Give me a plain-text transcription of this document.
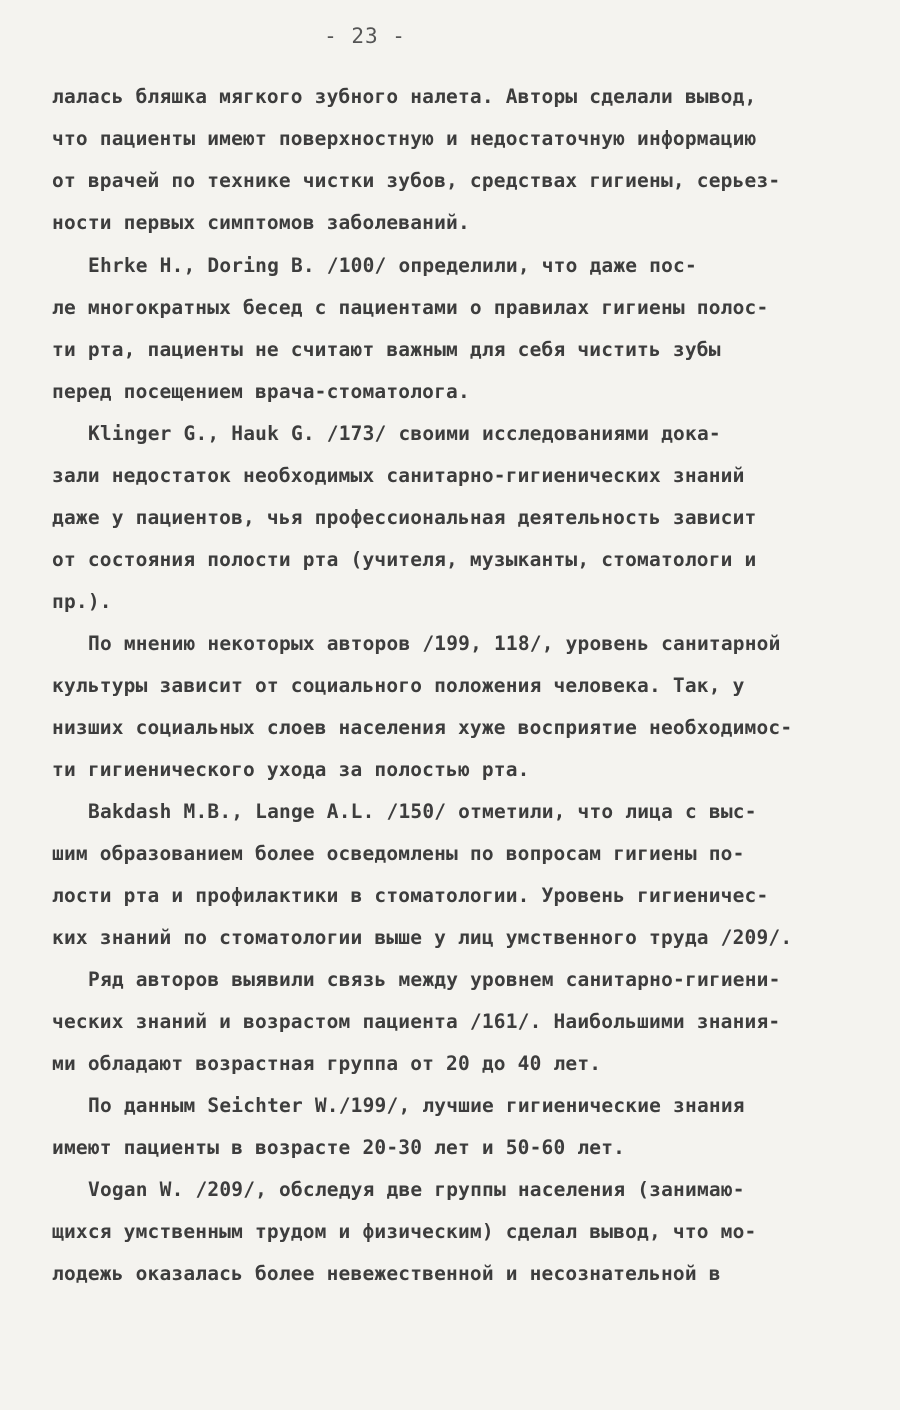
- 23 -
лалась бляшка мягкого зубного налета. Авторы сделали вывод,
что пациенты имеют поверхностную и недостаточную информацию
от врачей по технике чистки зубов, средствах гигиены, серьез-
ности первых симптомов заболеваний.
Ehrke H., Doring B. /100/ определили, что даже пос-
ле многократных бесед с пациентами о правилах гигиены полос-
ти рта, пациенты не считают важным для себя чистить зубы
перед посещением врача-стоматолога.
Klinger G., Hauk G. /173/ своими исследованиями дока-
зали недостаток необходимых санитарно-гигиенических знаний
даже у пациентов, чья профессиональная деятельность зависит
от состояния полости рта (учителя, музыканты, стоматологи и
пр.).
По мнению некоторых авторов /199, 118/, уровень санитарной
культуры зависит от социального положения человека. Так, у
низших социальных слоев населения хуже восприятие необходимос-
ти гигиенического ухода за полостью рта.
Bakdash M.B., Lange A.L. /150/ отметили, что лица с выс-
шим образованием более осведомлены по вопросам гигиены по-
лости рта и профилактики в стоматологии. Уровень гигиеничес-
ких знаний по стоматологии выше у лиц умственного труда /209/.
Ряд авторов выявили связь между уровнем санитарно-гигиени-
ческих знаний и возрастом пациента /161/. Наибольшими знания-
ми обладают возрастная группа от 20 до 40 лет.
По данным Seichter W./199/, лучшие гигиенические знания
имеют пациенты в возрасте 20-30 лет и 50-60 лет.
Vogan W. /209/, обследуя две группы населения (занимаю-
щихся умственным трудом и физическим) сделал вывод, что мо-
лодежь оказалась более невежественной и несознательной в
